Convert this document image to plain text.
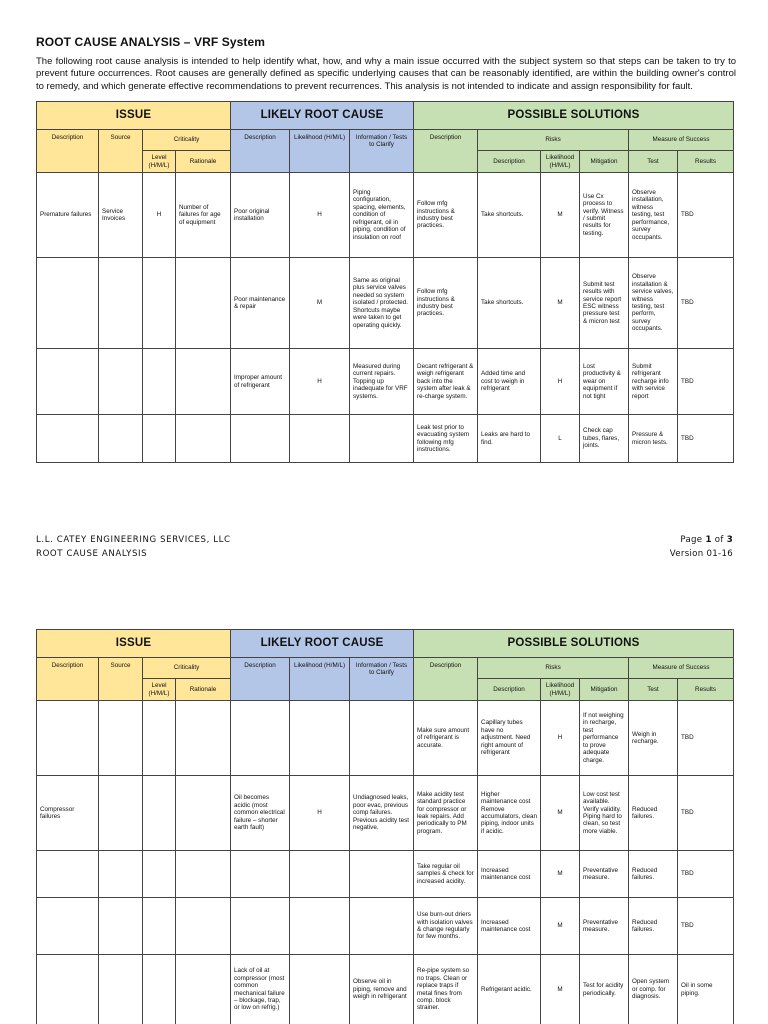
ROOT CAUSE ANALYSIS – VRF System
The following root cause analysis is intended to help identify what, how, and why a main issue occurred with the subject system so that steps can be taken to try to prevent future occurrences. Root causes are generally defined as specific underlying causes that can be reasonably identified, are within the building owner's control to remedy, and which generate effective recommendations to prevent recurrences. This analysis is not intended to indicate and assign responsibility for fault.
ISSUE				LIKELY ROOT CAUSE			POSSIBLE SOLUTIONS					
Description	Source	Criticality		Description	Likelihood (H/M/L)	Information / Tests to Clarify	Description	Risks			Measure of Success	
		Level (H/M/L)	Rationale					Description	Likelihood (H/M/L)	Mitigation	Test	Results
Premature failures	Service Invoices	H	Number of failures for age of equipment	Poor original installation	H	Piping configuration, spacing, elements, condition of refrigerant, oil in piping, condition of insulation on roof	Follow mfg instructions & industry best practices.	Take shortcuts.	M	Use Cx process to verify. Witness / submit results for testing.	Observe installation, witness testing, test performance, survey occupants.	TBD
				Poor maintenance & repair	M	Same as original plus service valves needed so system isolated / protected. Shortcuts maybe were taken to get operating quickly.	Follow mfg instructions & industry best practices.	Take shortcuts.	M	Submit test results with service report ESC witness pressure test & micron test	Observe installation & service valves, witness testing, test perform, survey occupants.	TBD
				Improper amount of refrigerant	H	Measured during current repairs. Topping up inadequate for VRF systems.	Decant refrigerant & weigh refrigerant back into the system after leak & re-charge system.	Added time and cost to weigh in refrigerant	H	Lost productivity & wear on equipment if not tight	Submit refrigerant recharge info with service report	TBD
							Leak test prior to evacuating system following mfg instructions.	Leaks are hard to find.	L	Check cap tubes, flares, joints.	Pressure & micron tests.	TBD
L.L. CATEY ENGINEERING SERVICES, LLC
ROOT CAUSE ANALYSIS
Page 1 of 3
Version 01-16
ISSUE				LIKELY ROOT CAUSE			POSSIBLE SOLUTIONS					
Description	Source	Criticality		Description	Likelihood (H/M/L)	Information / Tests to Clarify	Description	Risks			Measure of Success	
		Level (H/M/L)	Rationale					Description	Likelihood (H/M/L)	Mitigation	Test	Results
							Make sure amount of refrigerant is accurate.	Capillary tubes have no adjustment. Need right amount of refrigerant	H	If not weighing in recharge, test performance to prove adequate charge.	Weigh in recharge.	TBD
Compressor failures				Oil becomes acidic (most common electrical failure – shorter earth fault)	H	Undiagnosed leaks, poor evac, previous comp failures. Previous acidity test negative.	Make acidity test standard practice for compressor or leak repairs. Add periodically to PM program.	Higher maintenance cost Remove accumulators, clean piping, indoor units if acidic.	M	Low cost test available. Verify validity. Piping hard to clean, so test more viable.	Reduced failures.	TBD
							Take regular oil samples & check for increased acidity.	Increased maintenance cost	M	Preventative measure.	Reduced failures.	TBD
							Use burn-out driers with isolation valves & change regularly for few months.	Increased maintenance cost	M	Preventative measure.	Reduced failures.	TBD
				Lack of oil at compressor (most common mechanical failure – blockage, trap, or low on refrig.)		Observe oil in piping, remove and weigh in refrigerant	Re-pipe system so no traps. Clean or replace traps if metal fines from comp. block strainer.	Refrigerant acidic.	M	Test for acidity periodically.	Open system or comp. for diagnosis.	Oil in some piping.
